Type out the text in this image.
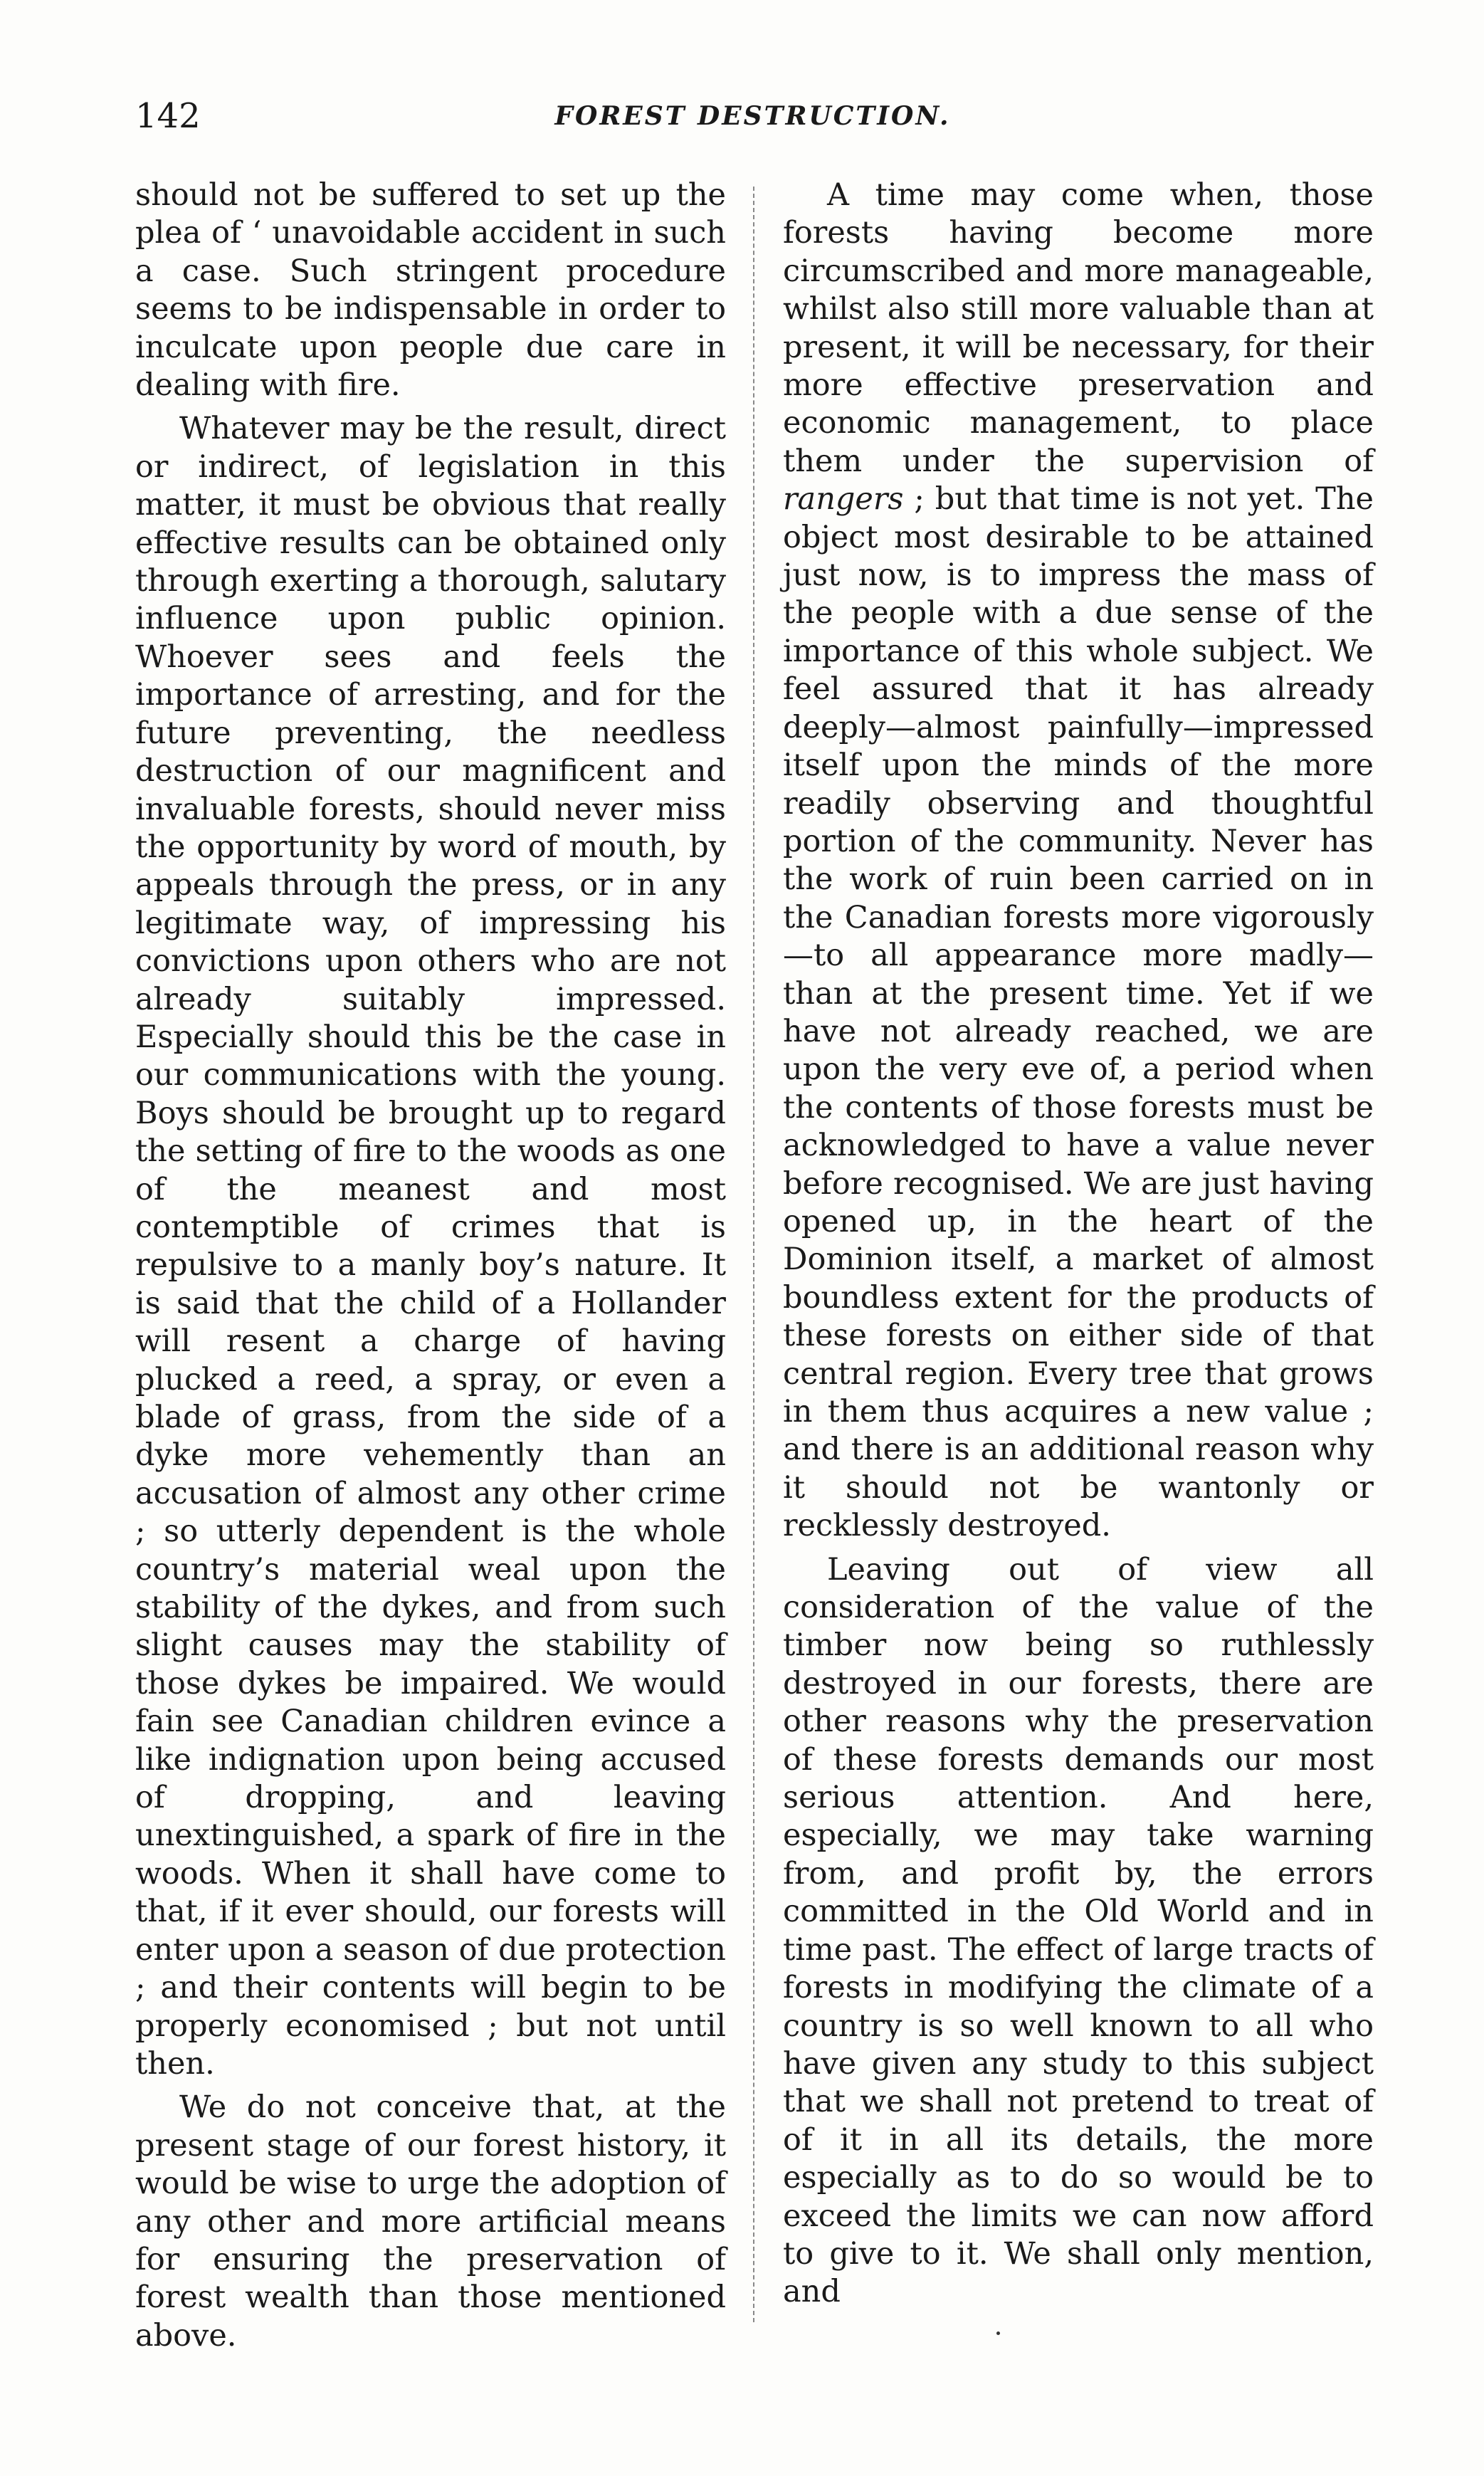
142	FOREST DESTRUCTION.

should not be suffered to set up the plea of ‘ unavoidable accident in such a case. Such stringent procedure seems to be indispensable in order to inculcate upon people due care in dealing with fire.

Whatever may be the result, direct or indirect, of legislation in this matter, it must be obvious that really effective results can be obtained only through exerting a thorough, salutary influence upon public opinion. Whoever sees and feels the importance of arresting, and for the future preventing, the needless destruction of our magnificent and invaluable forests, should never miss the opportunity by word of mouth, by appeals through the press, or in any legitimate way, of impressing his convictions upon others who are not already suitably impressed. Especially should this be the case in our communications with the young. Boys should be brought up to regard the setting of fire to the woods as one of the meanest and most contemptible of crimes that is repulsive to a manly boy’s nature. It is said that the child of a Hollander will resent a charge of having plucked a reed, a spray, or even a blade of grass, from the side of a dyke more vehemently than an accusation of almost any other crime ; so utterly dependent is the whole country’s material weal upon the stability of the dykes, and from such slight causes may the stability of those dykes be impaired. We would fain see Canadian children evince a like indignation upon being accused of dropping, and leaving unextinguished, a spark of fire in the woods. When it shall have come to that, if it ever should, our forests will enter upon a season of due protection ; and their contents will begin to be properly economised ; but not until then.

We do not conceive that, at the present stage of our forest history, it would be wise to urge the adoption of any other and more artificial means for ensuring the preservation of forest wealth than those mentioned above.

A time may come when, those forests having become more circumscribed and more manageable, whilst also still more valuable than at present, it will be necessary, for their more effective preservation and economic management, to place them under the supervision of rangers ; but that time is not yet. The object most desirable to be attained just now, is to impress the mass of the people with a due sense of the importance of this whole subject. We feel assured that it has already deeply—almost painfully—impressed itself upon the minds of the more readily observing and thoughtful portion of the community. Never has the work of ruin been carried on in the Canadian forests more vigorously —to all appearance more madly—than at the present time. Yet if we have not already reached, we are upon the very eve of, a period when the contents of those forests must be acknowledged to have a value never before recognised. We are just having opened up, in the heart of the Dominion itself, a market of almost boundless extent for the products of these forests on either side of that central region. Every tree that grows in them thus acquires a new value ; and there is an additional reason why it should not be wantonly or recklessly destroyed.

Leaving out of view all consideration of the value of the timber now being so ruthlessly destroyed in our forests, there are other reasons why the preservation of these forests demands our most serious attention. And here, especially, we may take warning from, and profit by, the errors committed in the Old World and in time past. The effect of large tracts of forests in modifying the climate of a country is so well known to all who have given any study to this subject that we shall not pretend to treat of of it in all its details, the more especially as to do so would be to exceed the limits we can now afford to give to it. We shall only mention, and
